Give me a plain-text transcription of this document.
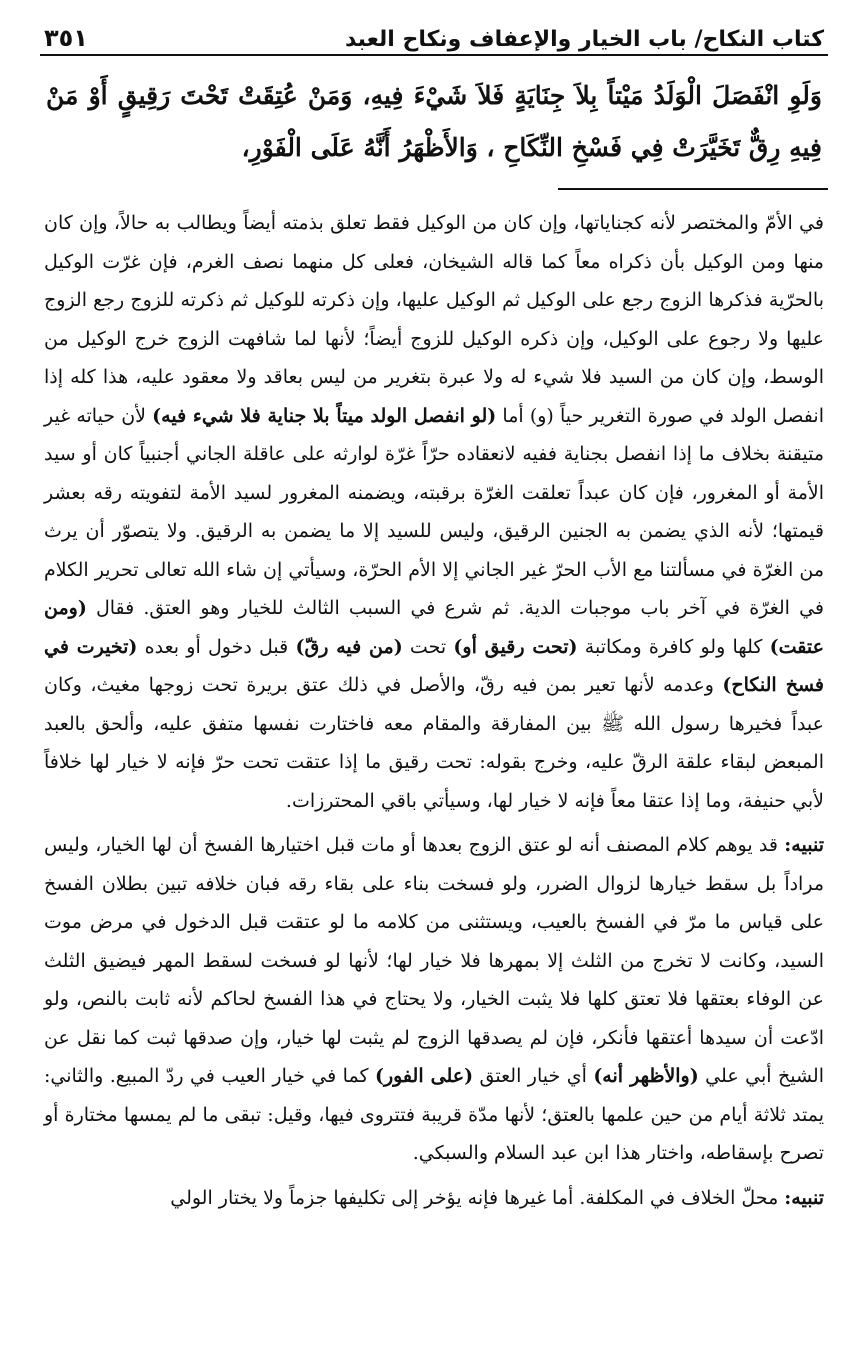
كتاب النكاح/ باب الخيار والإعفاف ونكاح العبد
٣٥١
وَلَوِ انْفَصَلَ الْوَلَدُ مَيْتاً بِلاَ جِنَايَةٍ فَلاَ شَيْءَ فِيهِ، وَمَنْ عُتِقَتْ تَحْتَ رَقِيقٍ أَوْ مَنْ فِيهِ رِقٌّ تَخَيَّرَتْ فِي فَسْخِ النِّكَاحِ ، وَالأَظْهَرُ أَنَّهُ عَلَى الْفَوْرِ،

في الأمّ والمختصر لأنه كجناياتها، وإن كان من الوكيل فقط تعلق بذمته أيضاً ويطالب به حالاً، وإن كان منها ومن الوكيل بأن ذكراه معاً كما قاله الشيخان، فعلى كل منهما نصف الغرم، فإن غرّت الوكيل بالحرّية فذكرها الزوج رجع على الوكيل ثم الوكيل عليها، وإن ذكرته للوكيل ثم ذكرته للزوج رجع الزوج عليها ولا رجوع على الوكيل، وإن ذكره الوكيل للزوج أيضاً؛ لأنها لما شافهت الزوج خرج الوكيل من الوسط، وإن كان من السيد فلا شيء له ولا عبرة بتغرير من ليس بعاقد ولا معقود عليه، هذا كله إذا انفصل الولد في صورة التغرير حياً (و) أما (لو انفصل الولد ميتاً بلا جناية فلا شيء فيه) لأن حياته غير متيقنة بخلاف ما إذا انفصل بجناية ففيه لانعقاده حرّاً غرّة لوارثه على عاقلة الجاني أجنبياً كان أو سيد الأمة أو المغرور، فإن كان عبداً تعلقت الغرّة برقبته، ويضمنه المغرور لسيد الأمة لتفويته رقه بعشر قيمتها؛ لأنه الذي يضمن به الجنين الرقيق، وليس للسيد إلا ما يضمن به الرقيق. ولا يتصوّر أن يرث من الغرّة في مسألتنا مع الأب الحرّ غير الجاني إلا الأم الحرّة، وسيأتي إن شاء الله تعالى تحرير الكلام في الغرّة في آخر باب موجبات الدية. ثم شرع في السبب الثالث للخيار وهو العتق. فقال (ومن عتقت) كلها ولو كافرة ومكاتبة (تحت رقيق أو) تحت (من فيه رقّ) قبل دخول أو بعده (تخيرت في فسخ النكاح) وعدمه لأنها تعير بمن فيه رقّ، والأصل في ذلك عتق بريرة تحت زوجها مغيث، وكان عبداً فخيرها رسول الله ﷺ بين المفارقة والمقام معه فاختارت نفسها متفق عليه، وألحق بالعبد المبعض لبقاء علقة الرقّ عليه، وخرج بقوله: تحت رقيق ما إذا عتقت تحت حرّ فإنه لا خيار لها خلافاً لأبي حنيفة، وما إذا عتقا معاً فإنه لا خيار لها، وسيأتي باقي المحترزات.

تنبيه: قد يوهم كلام المصنف أنه لو عتق الزوج بعدها أو مات قبل اختيارها الفسخ أن لها الخيار، وليس مراداً بل سقط خيارها لزوال الضرر، ولو فسخت بناء على بقاء رقه فبان خلافه تبين بطلان الفسخ على قياس ما مرّ في الفسخ بالعيب، ويستثنى من كلامه ما لو عتقت قبل الدخول في مرض موت السيد، وكانت لا تخرج من الثلث إلا بمهرها فلا خيار لها؛ لأنها لو فسخت لسقط المهر فيضيق الثلث عن الوفاء بعتقها فلا تعتق كلها فلا يثبت الخيار، ولا يحتاج في هذا الفسخ لحاكم لأنه ثابت بالنص، ولو ادّعت أن سيدها أعتقها فأنكر، فإن لم يصدقها الزوج لم يثبت لها خيار، وإن صدقها ثبت كما نقل عن الشيخ أبي علي (والأظهر أنه) أي خيار العتق (على الفور) كما في خيار العيب في ردّ المبيع. والثاني: يمتد ثلاثة أيام من حين علمها بالعتق؛ لأنها مدّة قريبة فتتروى فيها، وقيل: تبقى ما لم يمسها مختارة أو تصرح بإسقاطه، واختار هذا ابن عبد السلام والسبكي.

تنبيه: محلّ الخلاف في المكلفة. أما غيرها فإنه يؤخر إلى تكليفها جزماً ولا يختار الولي
